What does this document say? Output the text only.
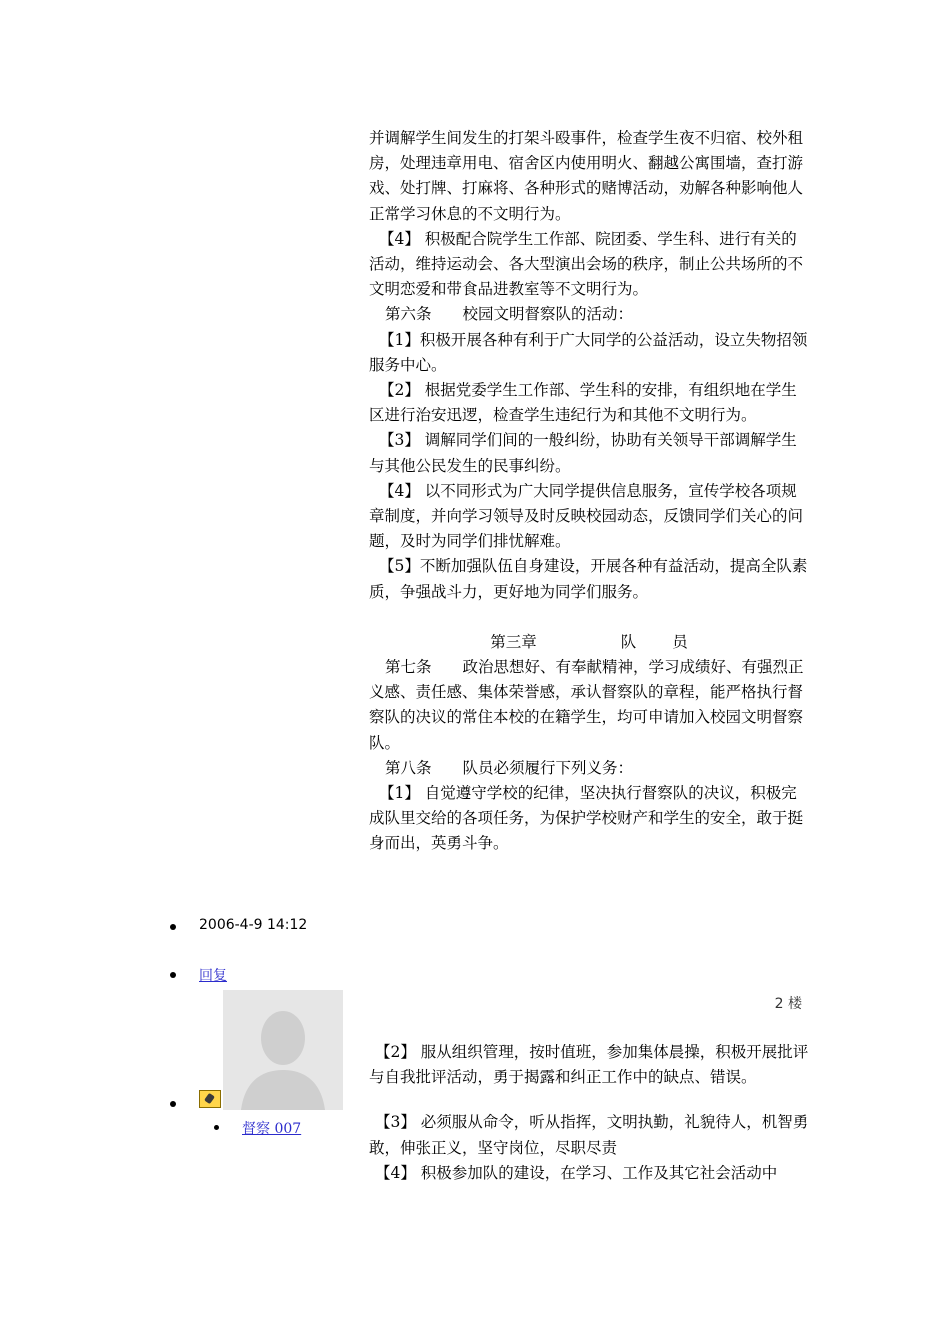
并调解学生间发生的打架斗殴事件，检查学生夜不归宿、校外租房，处理违章用电、宿舍区内使用明火、翻越公寓围墙，查打游戏、处打牌、打麻将、各种形式的赌博活动，劝解各种影响他人正常学习休息的不文明行为。

【4】 积极配合院学生工作部、院团委、学生科、进行有关的活动，维持运动会、各大型演出会场的秩序，制止公共场所的不文明恋爱和带食品进教室等不文明行为。

第六条　　校园文明督察队的活动：

【1】积极开展各种有利于广大同学的公益活动，设立失物招领服务中心。

【2】 根据党委学生工作部、学生科的安排，有组织地在学生区进行治安迅逻，检查学生违纪行为和其他不文明行为。

【3】 调解同学们间的一般纠纷，协助有关领导干部调解学生与其他公民发生的民事纠纷。

【4】 以不同形式为广大同学提供信息服务，宣传学校各项规章制度，并向学习领导及时反映校园动态，反馈同学们关心的问题，及时为同学们排忧解难。

【5】不断加强队伍自身建设，开展各种有益活动，提高全队素质，争强战斗力，更好地为同学们服务。

第三章	队 员

第七条　　政治思想好、有奉献精神，学习成绩好、有强烈正义感、责任感、集体荣誉感，承认督察队的章程，能严格执行督察队的决议的常住本校的在籍学生，均可申请加入校园文明督察队。

第八条　　队员必须履行下列义务：

【1】 自觉遵守学校的纪律，坚决执行督察队的决议，积极完成队里交给的各项任务，为保护学校财产和学生的安全，敢于挺身而出，英勇斗争。

2006-4-9 14:12
回复
2 楼
督察 007

【2】 服从组织管理，按时值班，参加集体晨操，积极开展批评与自我批评活动，勇于揭露和纠正工作中的缺点、错误。

【3】 必须服从命令，听从指挥，文明执勤，礼貌待人，机智勇敢，伸张正义，坚守岗位，尽职尽责

【4】 积极参加队的建设，在学习、工作及其它社会活动中
